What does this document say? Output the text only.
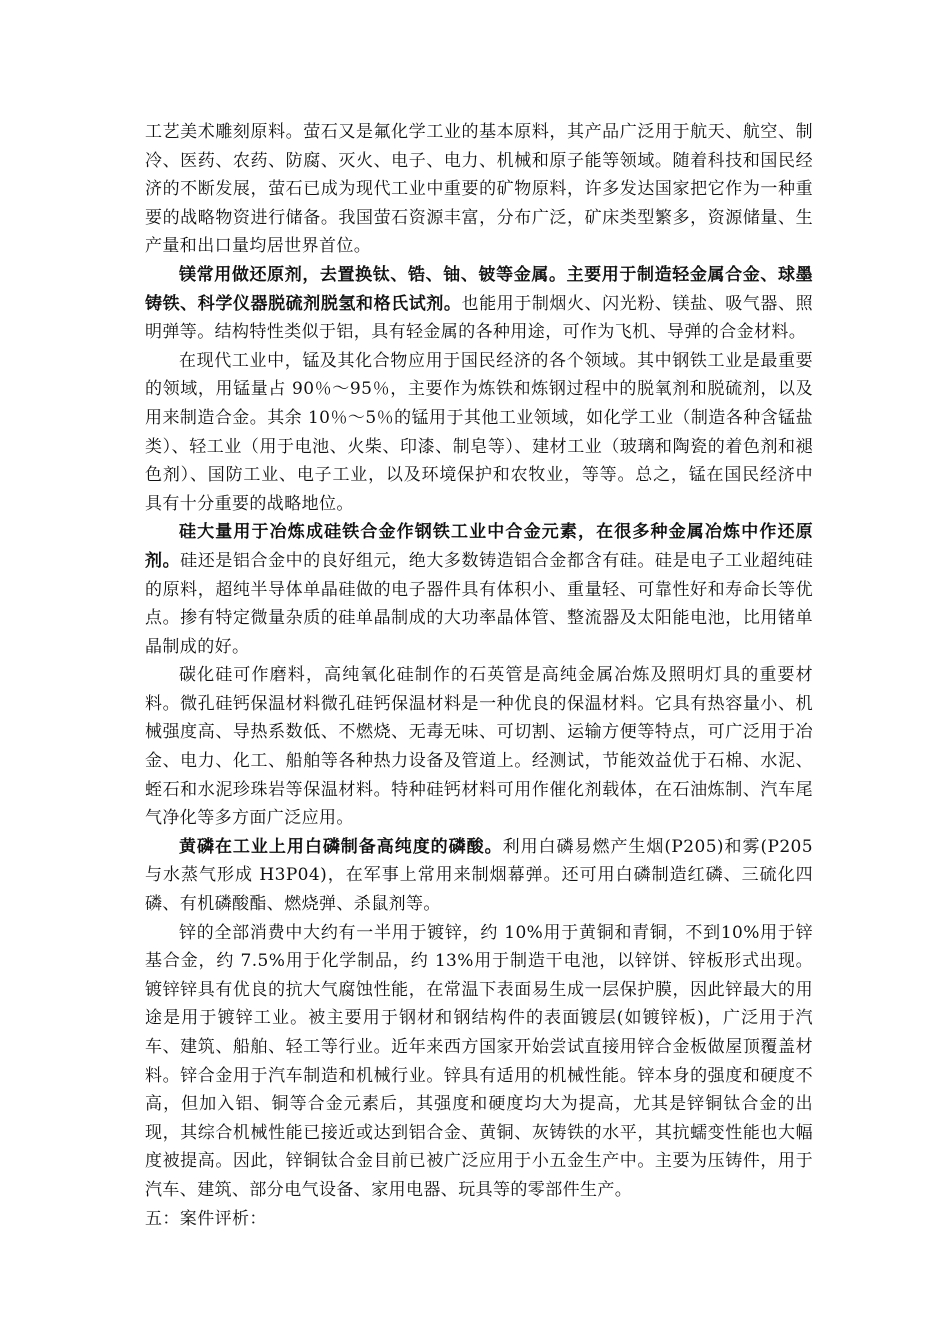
工艺美术雕刻原料。萤石又是氟化学工业的基本原料，其产品广泛用于航天、航空、制冷、医药、农药、防腐、灭火、电子、电力、机械和原子能等领域。随着科技和国民经济的不断发展，萤石已成为现代工业中重要的矿物原料，许多发达国家把它作为一种重要的战略物资进行储备。我国萤石资源丰富，分布广泛，矿床类型繁多，资源储量、生产量和出口量均居世界首位。

镁常用做还原剂，去置换钛、锆、铀、铍等金属。主要用于制造轻金属合金、球墨铸铁、科学仪器脱硫剂脱氢和格氏试剂。也能用于制烟火、闪光粉、镁盐、吸气器、照明弹等。结构特性类似于铝，具有轻金属的各种用途，可作为飞机、导弹的合金材料。

在现代工业中，锰及其化合物应用于国民经济的各个领域。其中钢铁工业是最重要的领域，用锰量占 90％～95％，主要作为炼铁和炼钢过程中的脱氧剂和脱硫剂，以及用来制造合金。其余 10％～5％的锰用于其他工业领域，如化学工业（制造各种含锰盐类）、轻工业（用于电池、火柴、印漆、制皂等）、建材工业（玻璃和陶瓷的着色剂和褪色剂）、国防工业、电子工业，以及环境保护和农牧业，等等。总之，锰在国民经济中具有十分重要的战略地位。

硅大量用于冶炼成硅铁合金作钢铁工业中合金元素，在很多种金属冶炼中作还原剂。硅还是铝合金中的良好组元，绝大多数铸造铝合金都含有硅。硅是电子工业超纯硅的原料，超纯半导体单晶硅做的电子器件具有体积小、重量轻、可靠性好和寿命长等优点。掺有特定微量杂质的硅单晶制成的大功率晶体管、整流器及太阳能电池，比用锗单晶制成的好。

碳化硅可作磨料，高纯氧化硅制作的石英管是高纯金属冶炼及照明灯具的重要材料。微孔硅钙保温材料微孔硅钙保温材料是一种优良的保温材料。它具有热容量小、机械强度高、导热系数低、不燃烧、无毒无味、可切割、运输方便等特点，可广泛用于冶金、电力、化工、船舶等各种热力设备及管道上。经测试，节能效益优于石棉、水泥、蛭石和水泥珍珠岩等保温材料。特种硅钙材料可用作催化剂载体，在石油炼制、汽车尾气净化等多方面广泛应用。

黄磷在工业上用白磷制备高纯度的磷酸。利用白磷易燃产生烟(P205)和雾(P205 与水蒸气形成 H3P04)，在军事上常用来制烟幕弹。还可用白磷制造红磷、三硫化四磷、有机磷酸酯、燃烧弹、杀鼠剂等。

锌的全部消费中大约有一半用于镀锌，约 10%用于黄铜和青铜，不到10%用于锌基合金，约 7.5%用于化学制品，约 13%用于制造干电池，以锌饼、锌板形式出现。镀锌锌具有优良的抗大气腐蚀性能，在常温下表面易生成一层保护膜，因此锌最大的用途是用于镀锌工业。被主要用于钢材和钢结构件的表面镀层(如镀锌板)，广泛用于汽车、建筑、船舶、轻工等行业。近年来西方国家开始尝试直接用锌合金板做屋顶覆盖材料。锌合金用于汽车制造和机械行业。锌具有适用的机械性能。锌本身的强度和硬度不高，但加入铝、铜等合金元素后，其强度和硬度均大为提高，尤其是锌铜钛合金的出现，其综合机械性能已接近或达到铝合金、黄铜、灰铸铁的水平，其抗蠕变性能也大幅度被提高。因此，锌铜钛合金目前已被广泛应用于小五金生产中。主要为压铸件，用于汽车、建筑、部分电气设备、家用电器、玩具等的零部件生产。

五：案件评析：
